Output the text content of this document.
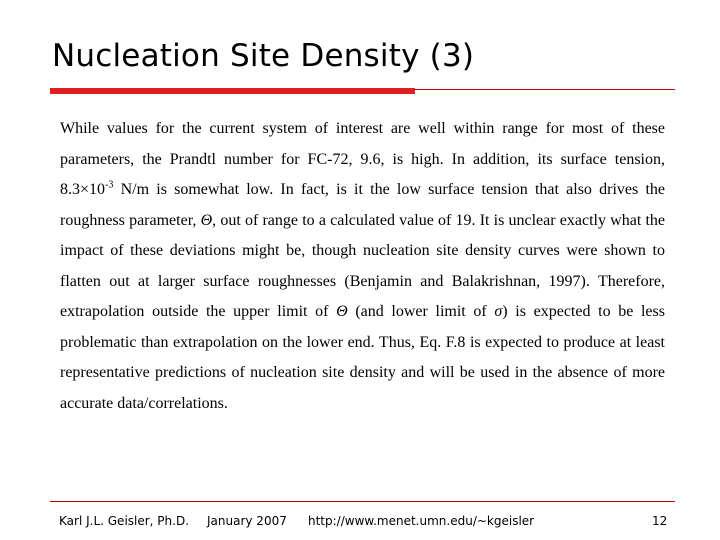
Nucleation Site Density (3)

While values for the current system of interest are well within range for most of these parameters, the Prandtl number for FC-72, 9.6, is high. In addition, its surface tension, $8.3\times 10^{-3}$ N/m is somewhat low. In fact, is it the low surface tension that also drives the roughness parameter, Θ, out of range to a calculated value of 19. It is unclear exactly what the impact of these deviations might be, though nucleation site density curves were shown to flatten out at larger surface roughnesses (Benjamin and Balakrishnan, 1997). Therefore, extrapolation outside the upper limit of Θ (and lower limit of σ) is expected to be less problematic than extrapolation on the lower end. Thus, Eq. F.8 is expected to produce at least representative predictions of nucleation site density and will be used in the absence of more accurate data/correlations.

Karl J.L. Geisler, Ph.D. January 2007 http://www.menet.umn.edu/~kgeisler	12
